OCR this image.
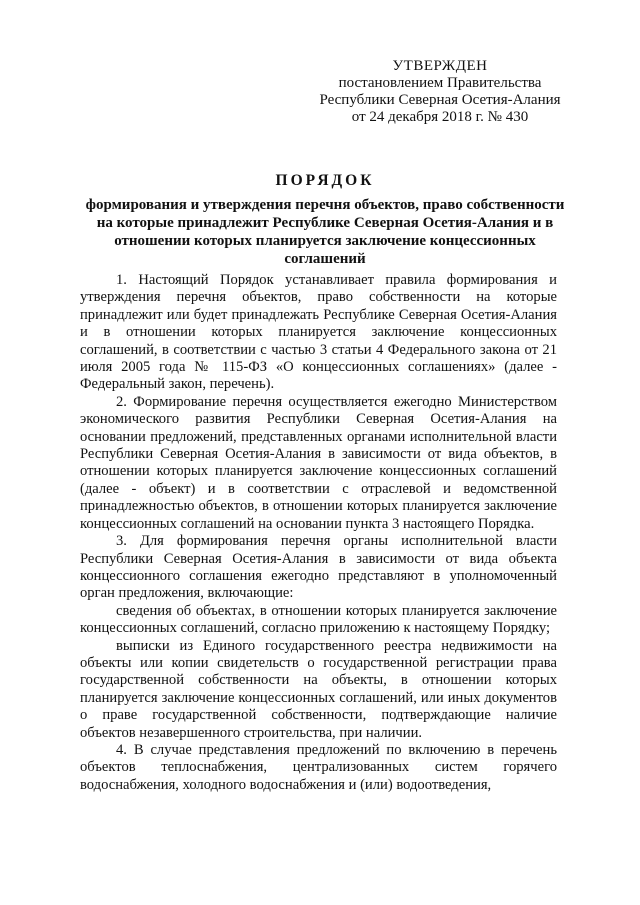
УТВЕРЖДЕН
постановлением Правительства
Республики Северная Осетия-Алания
от 24 декабря 2018 г. № 430
ПОРЯДОК
формирования и утверждения перечня объектов, право собственности на которые принадлежит Республике Северная Осетия-Алания и в отношении которых планируется заключение концессионных соглашений

1. Настоящий Порядок устанавливает правила формирования и утверждения перечня объектов, право собственности на которые принадлежит или будет принадлежать Республике Северная Осетия-Алания и в отношении которых планируется заключение концессионных соглашений, в соответствии с частью 3 статьи 4 Федерального закона от 21 июля 2005 года № 115-ФЗ «О концессионных соглашениях» (далее - Федеральный закон, перечень).

2. Формирование перечня осуществляется ежегодно Министерством экономического развития Республики Северная Осетия-Алания на основании предложений, представленных органами исполнительной власти Республики Северная Осетия-Алания в зависимости от вида объектов, в отношении которых планируется заключение концессионных соглашений (далее - объект) и в соответствии с отраслевой и ведомственной принадлежностью объектов, в отношении которых планируется заключение концессионных соглашений на основании пункта 3 настоящего Порядка.

3. Для формирования перечня органы исполнительной власти Республики Северная Осетия-Алания в зависимости от вида объекта концессионного соглашения ежегодно представляют в уполномоченный орган предложения, включающие:

сведения об объектах, в отношении которых планируется заключение концессионных соглашений, согласно приложению к настоящему Порядку;

выписки из Единого государственного реестра недвижимости на объекты или копии свидетельств о государственной регистрации права государственной собственности на объекты, в отношении которых планируется заключение концессионных соглашений, или иных документов о праве государственной собственности, подтверждающие наличие объектов незавершенного строительства, при наличии.

4. В случае представления предложений по включению в перечень объектов теплоснабжения, централизованных систем горячего водоснабжения, холодного водоснабжения и (или) водоотведения,
